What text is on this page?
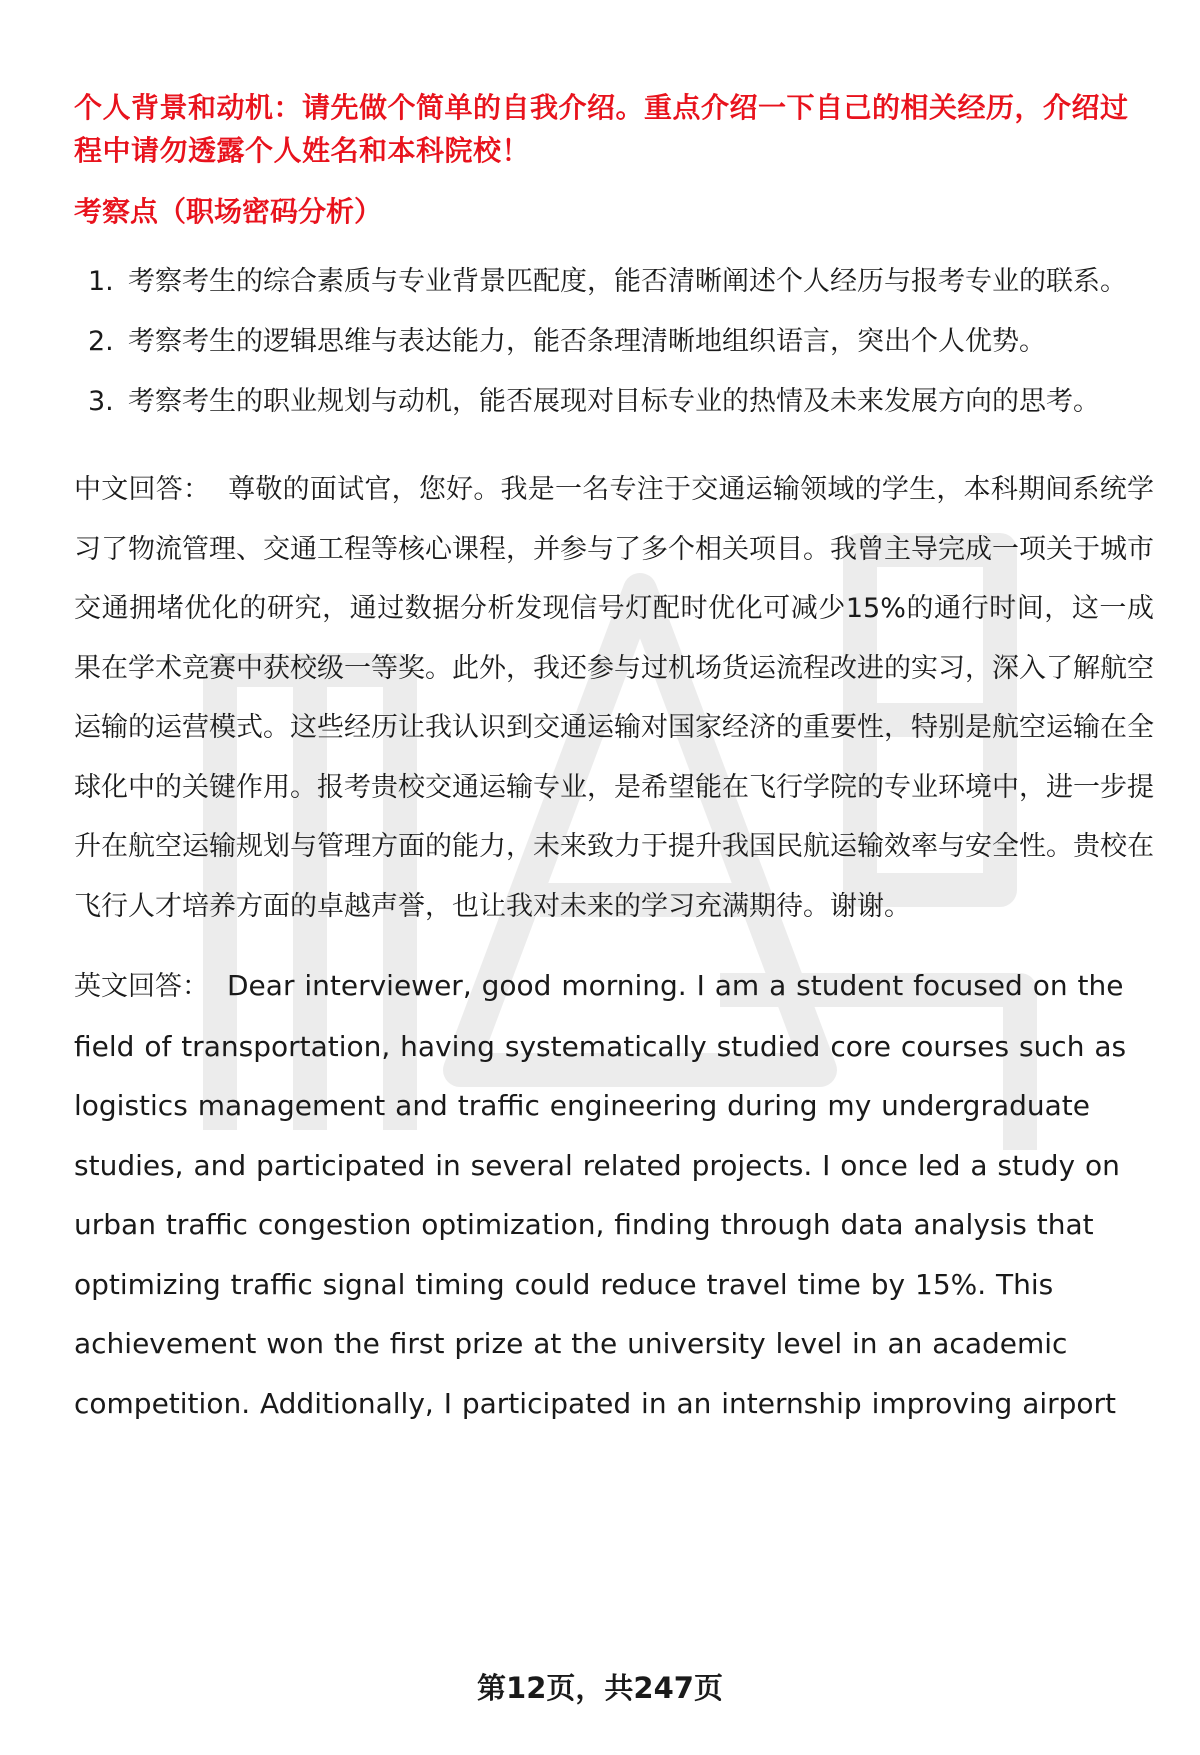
个人背景和动机：请先做个简单的自我介绍。重点介绍一下自己的相关经历，介绍过程中请勿透露个人姓名和本科院校！

考察点（职场密码分析）

1. 考察考生的综合素质与专业背景匹配度，能否清晰阐述个人经历与报考专业的联系。
2. 考察考生的逻辑思维与表达能力，能否条理清晰地组织语言，突出个人优势。
3. 考察考生的职业规划与动机，能否展现对目标专业的热情及未来发展方向的思考。

中文回答： 尊敬的面试官，您好。我是一名专注于交通运输领域的学生，本科期间系统学习了物流管理、交通工程等核心课程，并参与了多个相关项目。我曾主导完成一项关于城市交通拥堵优化的研究，通过数据分析发现信号灯配时优化可减少15%的通行时间，这一成果在学术竞赛中获校级一等奖。此外，我还参与过机场货运流程改进的实习，深入了解航空运输的运营模式。这些经历让我认识到交通运输对国家经济的重要性，特别是航空运输在全球化中的关键作用。报考贵校交通运输专业，是希望能在飞行学院的专业环境中，进一步提升在航空运输规划与管理方面的能力，未来致力于提升我国民航运输效率与安全性。贵校在飞行人才培养方面的卓越声誉，也让我对未来的学习充满期待。谢谢。

英文回答： Dear interviewer, good morning. I am a student focused on the field of transportation, having systematically studied core courses such as logistics management and traffic engineering during my undergraduate studies, and participated in several related projects. I once led a study on urban traffic congestion optimization, finding through data analysis that optimizing traffic signal timing could reduce travel time by 15%. This achievement won the first prize at the university level in an academic competition. Additionally, I participated in an internship improving airport

第12页，共247页
